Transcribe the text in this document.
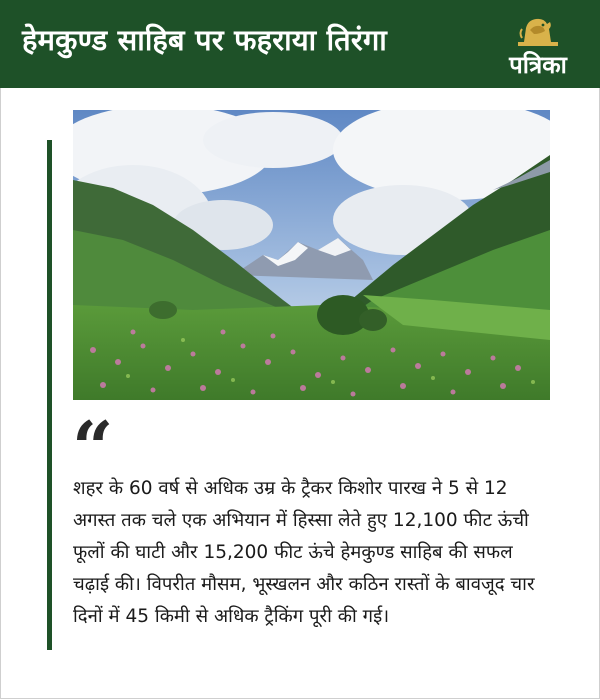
हेमकुण्ड साहिब पर फहराया तिरंगा
पत्रिका
“
शहर के 60 वर्ष से अधिक उम्र के ट्रैकर किशोर पारख ने 5 से 12 अगस्त तक चले एक अभियान में हिस्सा लेते हुए 12,100 फीट ऊंची फूलों की घाटी और 15,200 फीट ऊंचे हेमकुण्ड साहिब की सफल चढ़ाई की। विपरीत मौसम, भूस्खलन और कठिन रास्तों के बावजूद चार दिनों में 45 किमी से अधिक ट्रैकिंग पूरी की गई।
